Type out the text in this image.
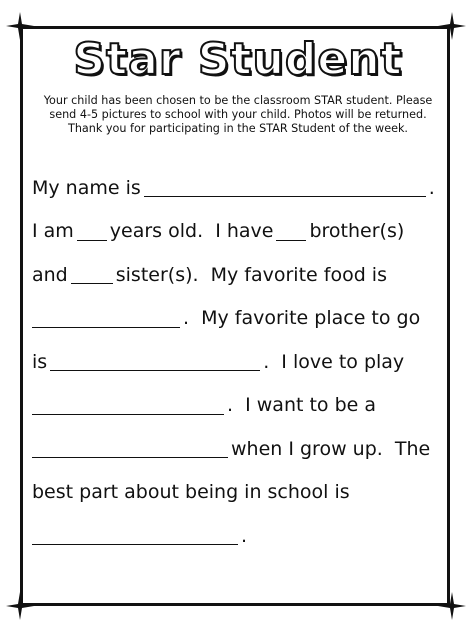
Star Student
Your child has been chosen to be the classroom STAR student. Please
send 4-5 pictures to school with your child. Photos will be returned.
Thank you for participating in the STAR Student of the week.
My name is	.
I am years old.  I have brother(s)
and	sister(s).  My favorite food is
.  My favorite place to go
is	.  I love to play
.  I want to be a
when I grow up.  The
best part about being in school is
.
